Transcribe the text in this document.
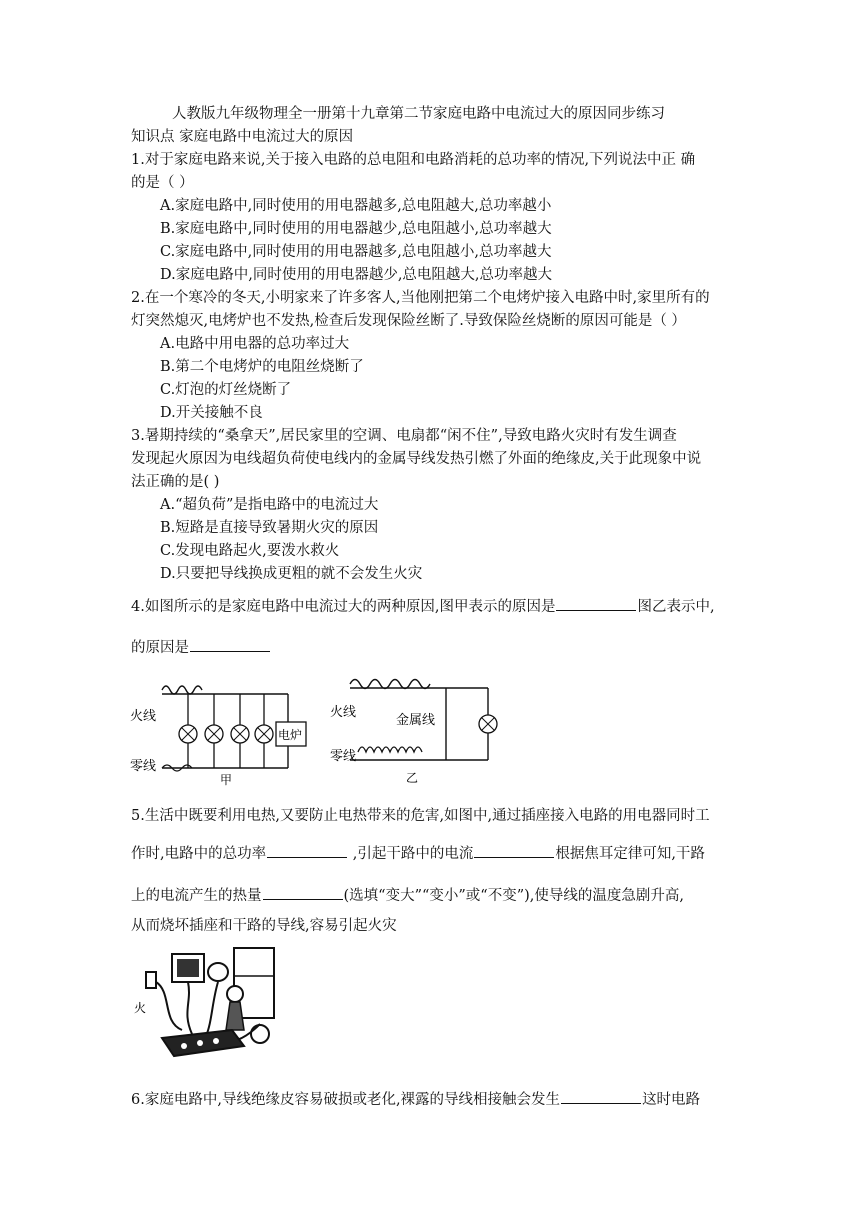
人教版九年级物理全一册第十九章第二节家庭电路中电流过大的原因同步练习
知识点 家庭电路中电流过大的原因
1.对于家庭电路来说,关于接入电路的总电阻和电路消耗的总功率的情况,下列说法中正 确
的是（ ）
A.家庭电路中,同时使用的用电器越多,总电阻越大,总功率越小
B.家庭电路中,同时使用的用电器越少,总电阻越小,总功率越大
C.家庭电路中,同时使用的用电器越多,总电阻越小,总功率越大
D.家庭电路中,同时使用的用电器越少,总电阻越大,总功率越大
2.在一个寒冷的冬天,小明家来了许多客人,当他刚把第二个电烤炉接入电路中时,家里所有的
灯突然熄灭,电烤炉也不发热,检查后发现保险丝断了.导致保险丝烧断的原因可能是（ ）
A.电路中用电器的总功率过大
B.第二个电烤炉的电阻丝烧断了
C.灯泡的灯丝烧断了
D.开关接触不良
3.暑期持续的“桑拿天”,居民家里的空调、电扇都“闲不住”,导致电路火灾时有发生调查
发现起火原因为电线超负荷使电线内的金属导线发热引燃了外面的绝缘皮,关于此现象中说
法正确的是( )
A.“超负荷”是指电路中的电流过大
B.短路是直接导致暑期火灾的原因
C.发现电路起火,要泼水救火
D.只要把导线换成更粗的就不会发生火灾
4.如图所示的是家庭电路中电流过大的两种原因,图甲表示的原因是	图乙表示中,
的原因是
电炉
火线
零线
甲
火线
金属线
零线
乙
5.生活中既要利用电热,又要防止电热带来的危害,如图中,通过插座接入电路的用电器同时工
作时,电路中的总功率	,引起干路中的电流	根据焦耳定律可知,干路
上的电流产生的热量	(选填“变大”“变小”或“不变”),使导线的温度急剧升高,
从而烧坏插座和干路的导线,容易引起火灾
火
6.家庭电路中,导线绝缘皮容易破损或老化,裸露的导线相接触会发生	这时电路
